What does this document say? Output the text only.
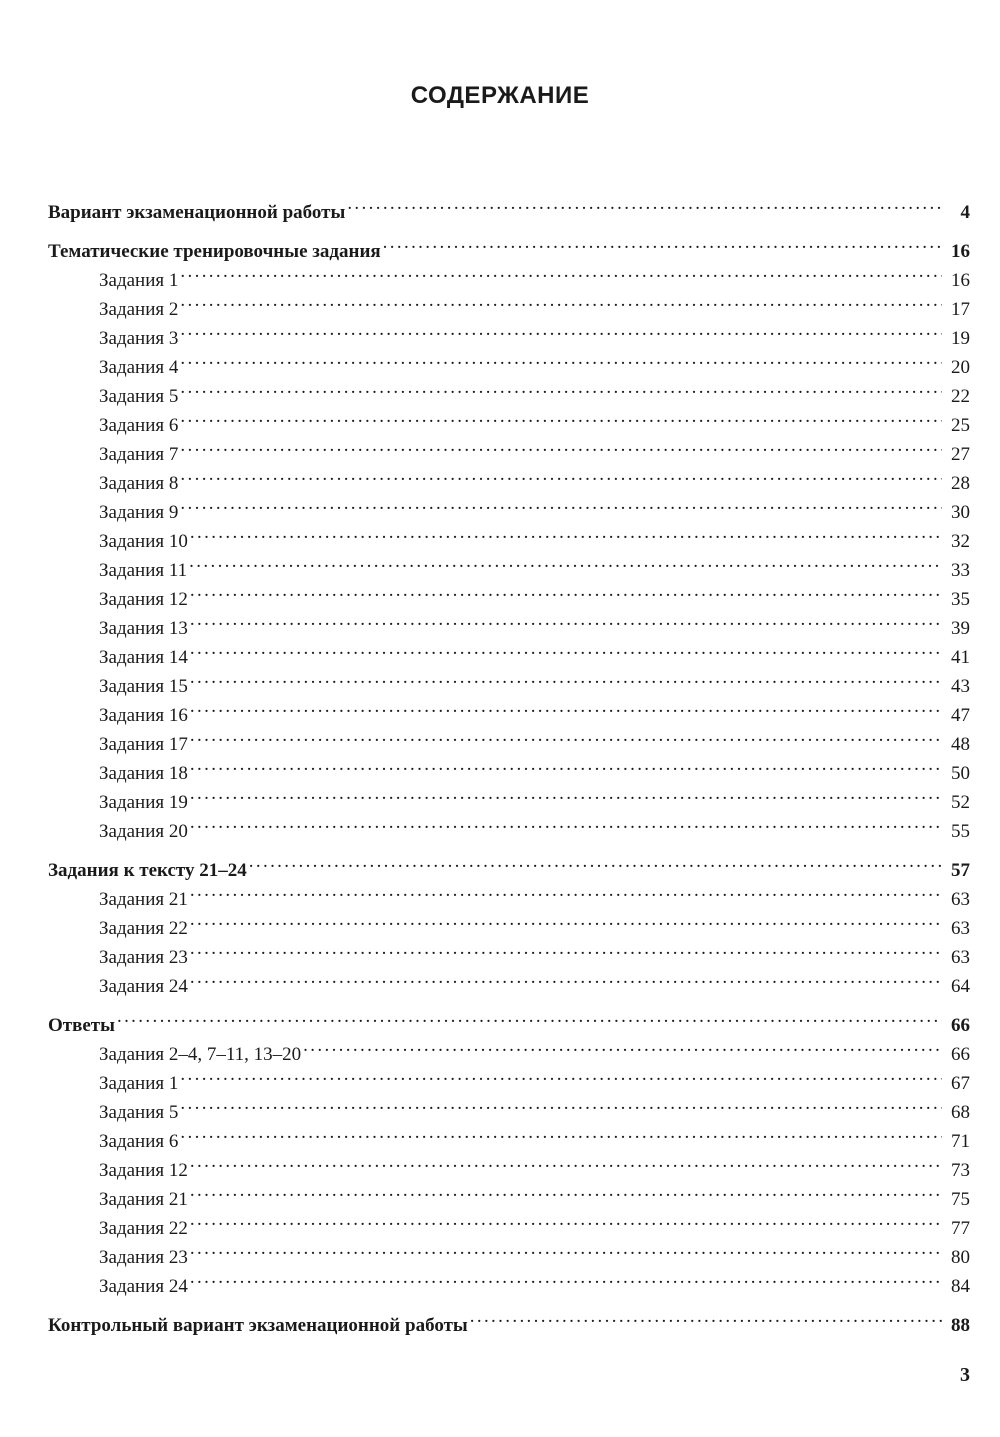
СОДЕРЖАНИЕ
Вариант экзаменационной работы . . .	4
Тематические тренировочные задания . . .	16
Задания 1 . . .	16
Задания 2 . . .	17
Задания 3 . . .	19
Задания 4 . . .	20
Задания 5 . . .	22
Задания 6 . . .	25
Задания 7 . . .	27
Задания 8 . . .	28
Задания 9 . . .	30
Задания 10 . . .	32
Задания 11 . . .	33
Задания 12 . . .	35
Задания 13 . . .	39
Задания 14 . . .	41
Задания 15 . . .	43
Задания 16 . . .	47
Задания 17 . . .	48
Задания 18 . . .	50
Задания 19 . . .	52
Задания 20 . . .	55
Задания к тексту 21–24 . . .	57
Задания 21 . . .	63
Задания 22 . . .	63
Задания 23 . . .	63
Задания 24 . . .	64
Ответы . . .	66
Задания 2–4, 7–11, 13–20 . . .	66
Задания 1 . . .	67
Задания 5 . . .	68
Задания 6 . . .	71
Задания 12 . . .	73
Задания 21 . . .	75
Задания 22 . . .	77
Задания 23 . . .	80
Задания 24 . . .	84
Контрольный вариант экзаменационной работы . . .	88
3
